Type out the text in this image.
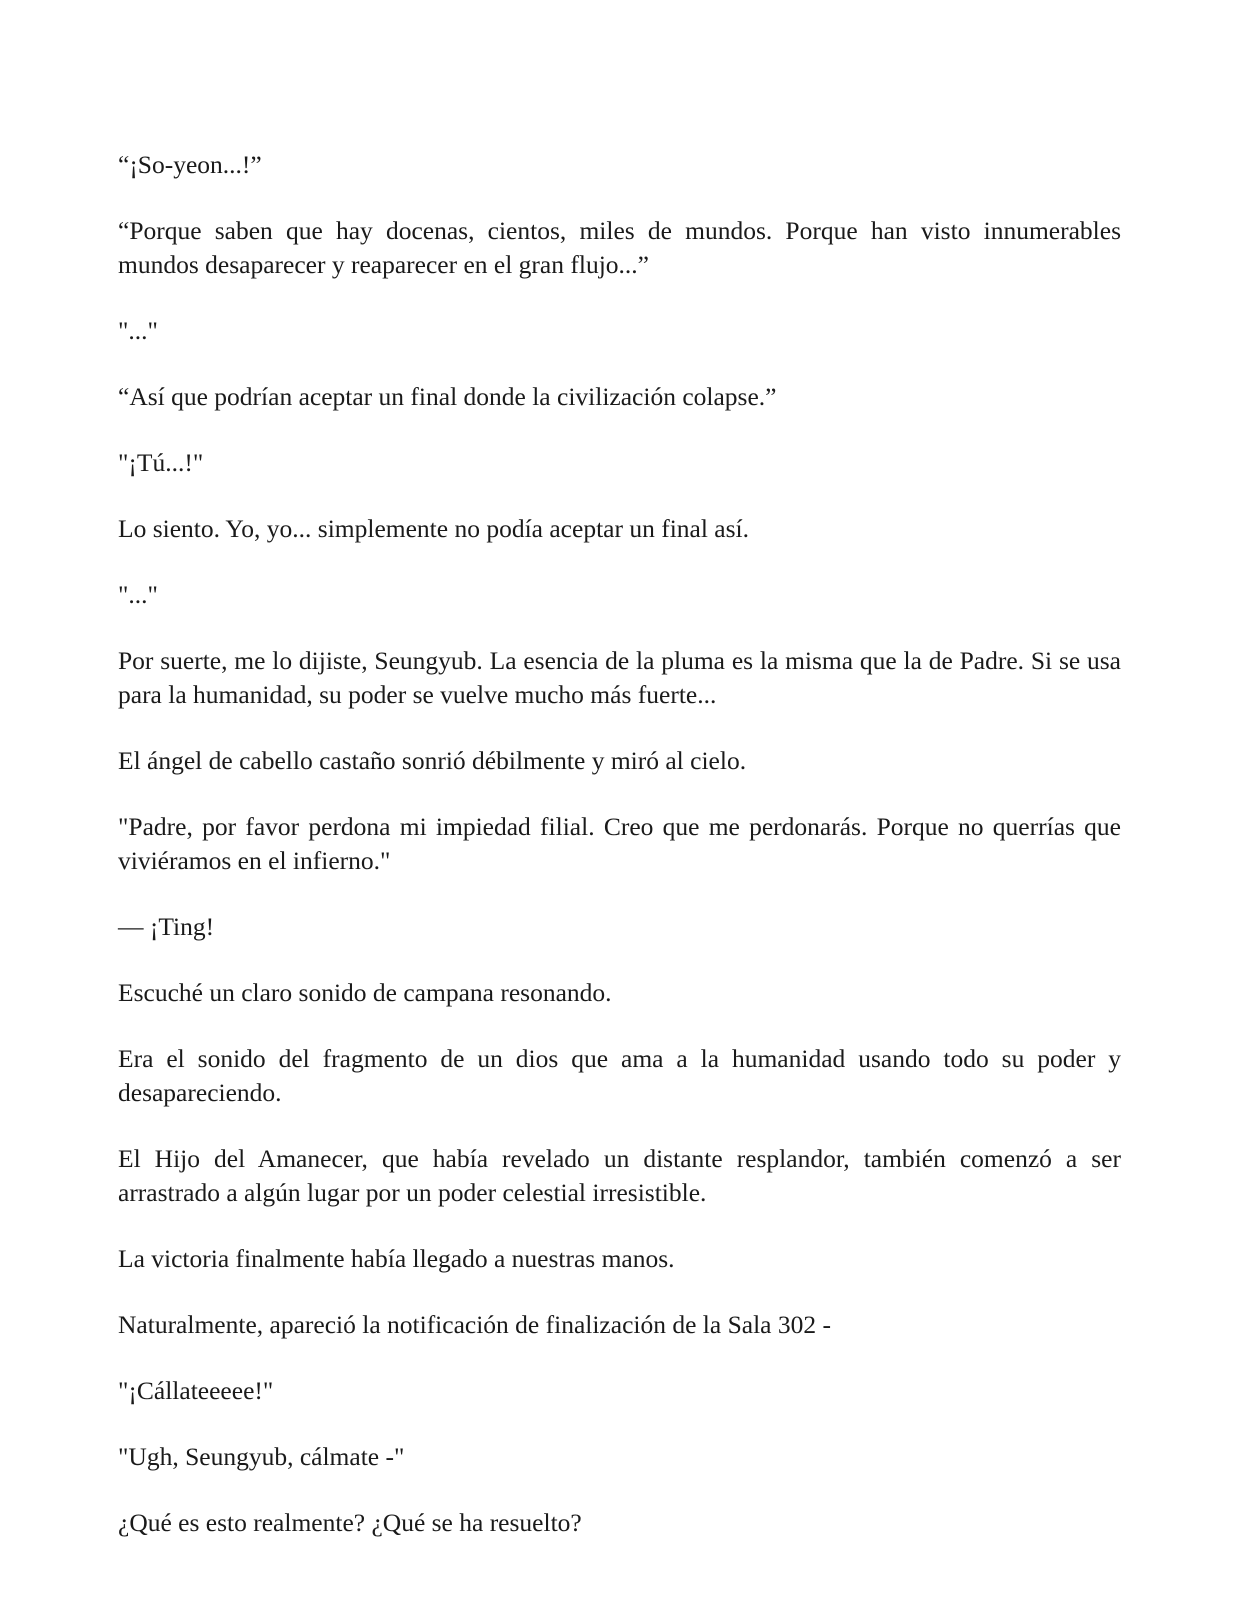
“¡So-yeon...!”

“Porque saben que hay docenas, cientos, miles de mundos. Porque han visto innumerables mundos desaparecer y reaparecer en el gran flujo...”

"..."

“Así que podrían aceptar un final donde la civilización colapse.”

"¡Tú...!"

Lo siento. Yo, yo... simplemente no podía aceptar un final así.

"..."

Por suerte, me lo dijiste, Seungyub. La esencia de la pluma es la misma que la de Padre. Si se usa para la humanidad, su poder se vuelve mucho más fuerte...

El ángel de cabello castaño sonrió débilmente y miró al cielo.

"Padre, por favor perdona mi impiedad filial. Creo que me perdonarás. Porque no querrías que viviéramos en el infierno."

— ¡Ting!

Escuché un claro sonido de campana resonando.

Era el sonido del fragmento de un dios que ama a la humanidad usando todo su poder y desapareciendo.

El Hijo del Amanecer, que había revelado un distante resplandor, también comenzó a ser arrastrado a algún lugar por un poder celestial irresistible.

La victoria finalmente había llegado a nuestras manos.

Naturalmente, apareció la notificación de finalización de la Sala 302 -

"¡Cállateeeee!"

"Ugh, Seungyub, cálmate -"

¿Qué es esto realmente? ¿Qué se ha resuelto?
